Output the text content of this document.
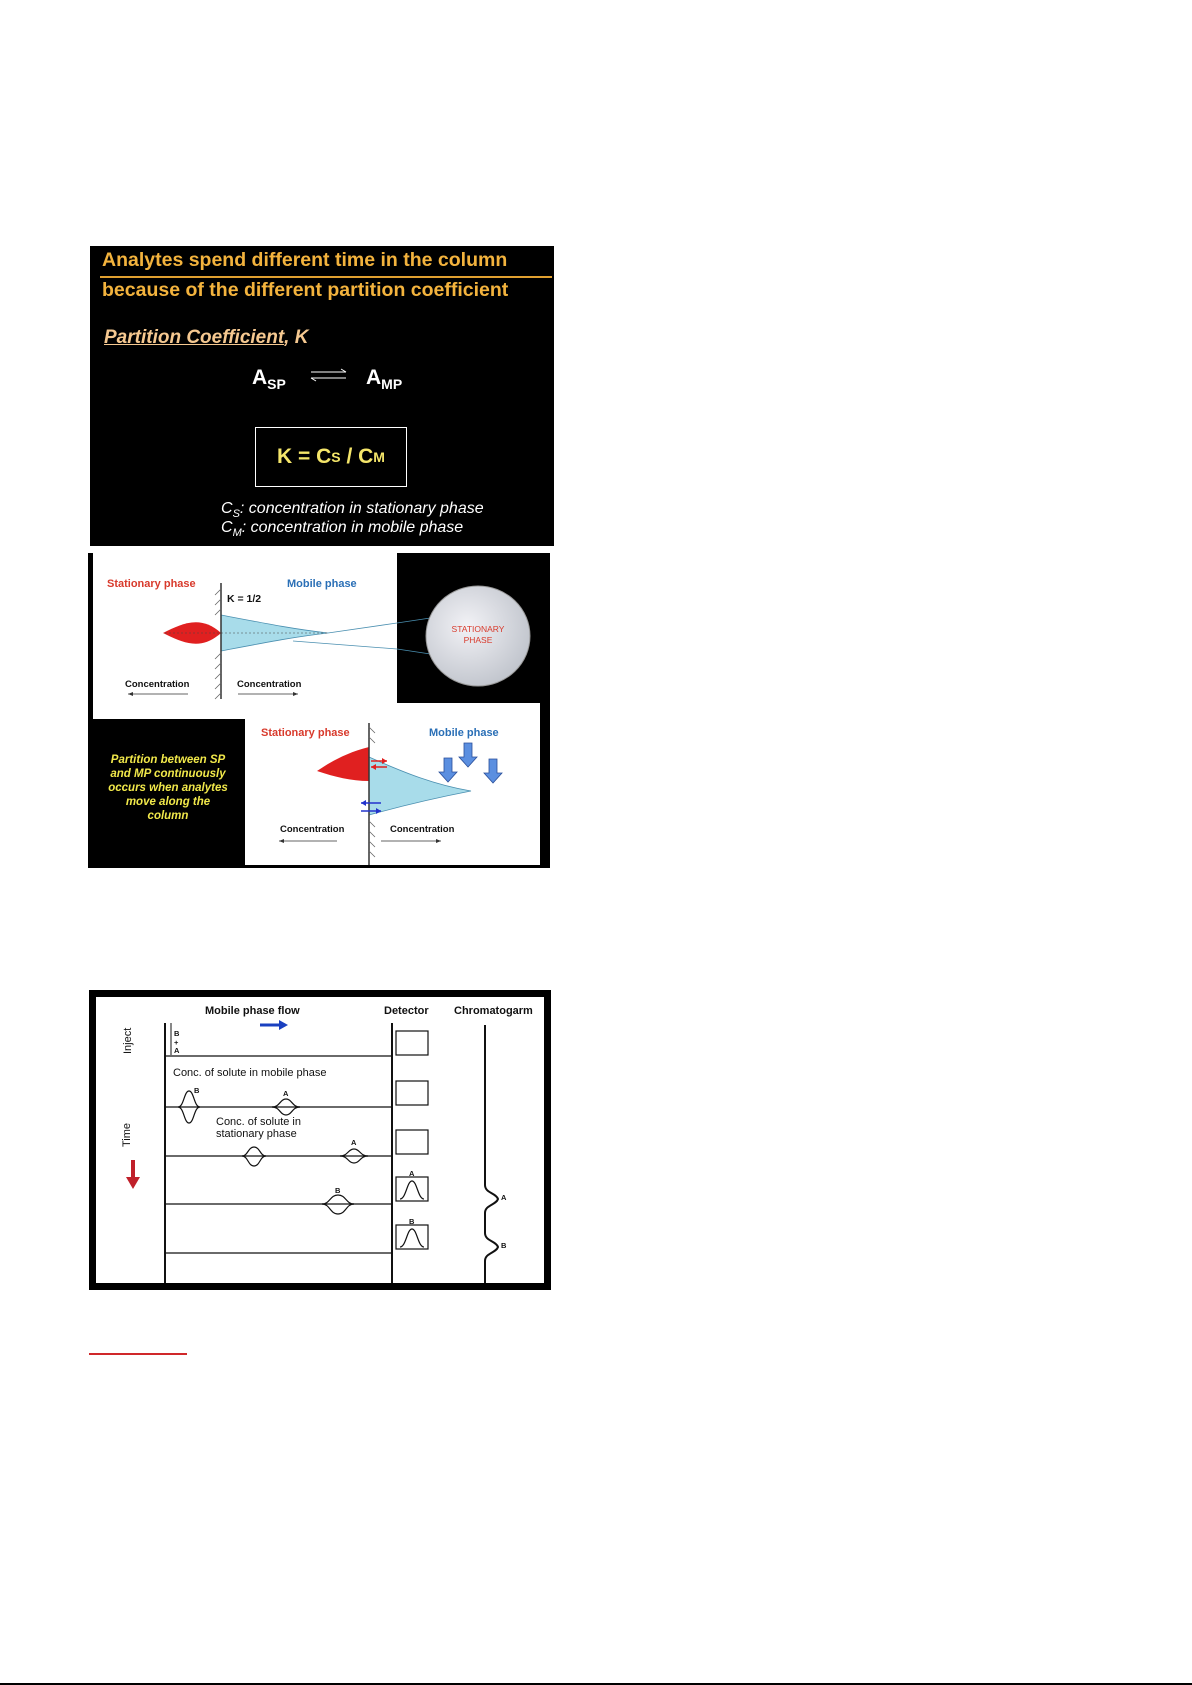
Analytes spend different time in the column
because of the different partition coefficient
Partition Coefficient, K
$A_{SP}$ ⇌ $A_{MP}$
K = C S / C M
$C_S$: concentration in stationary phase
$C_M$: concentration in mobile phase
Stationary phase	Mobile phase
K = 1/2
Concentration	Concentration
STATIONARY
PHASE
Partition between SP
and MP continuously
occurs when analytes
move along the
column
Stationary phase	Mobile phase
Concentration	Concentration
Mobile phase flow	Detector Chromatogarm
Inject	B
+
A
Time
Conc. of solute in mobile phase
Conc. of solute in
stationary phase
B	A
A
B
A
B
A
B
